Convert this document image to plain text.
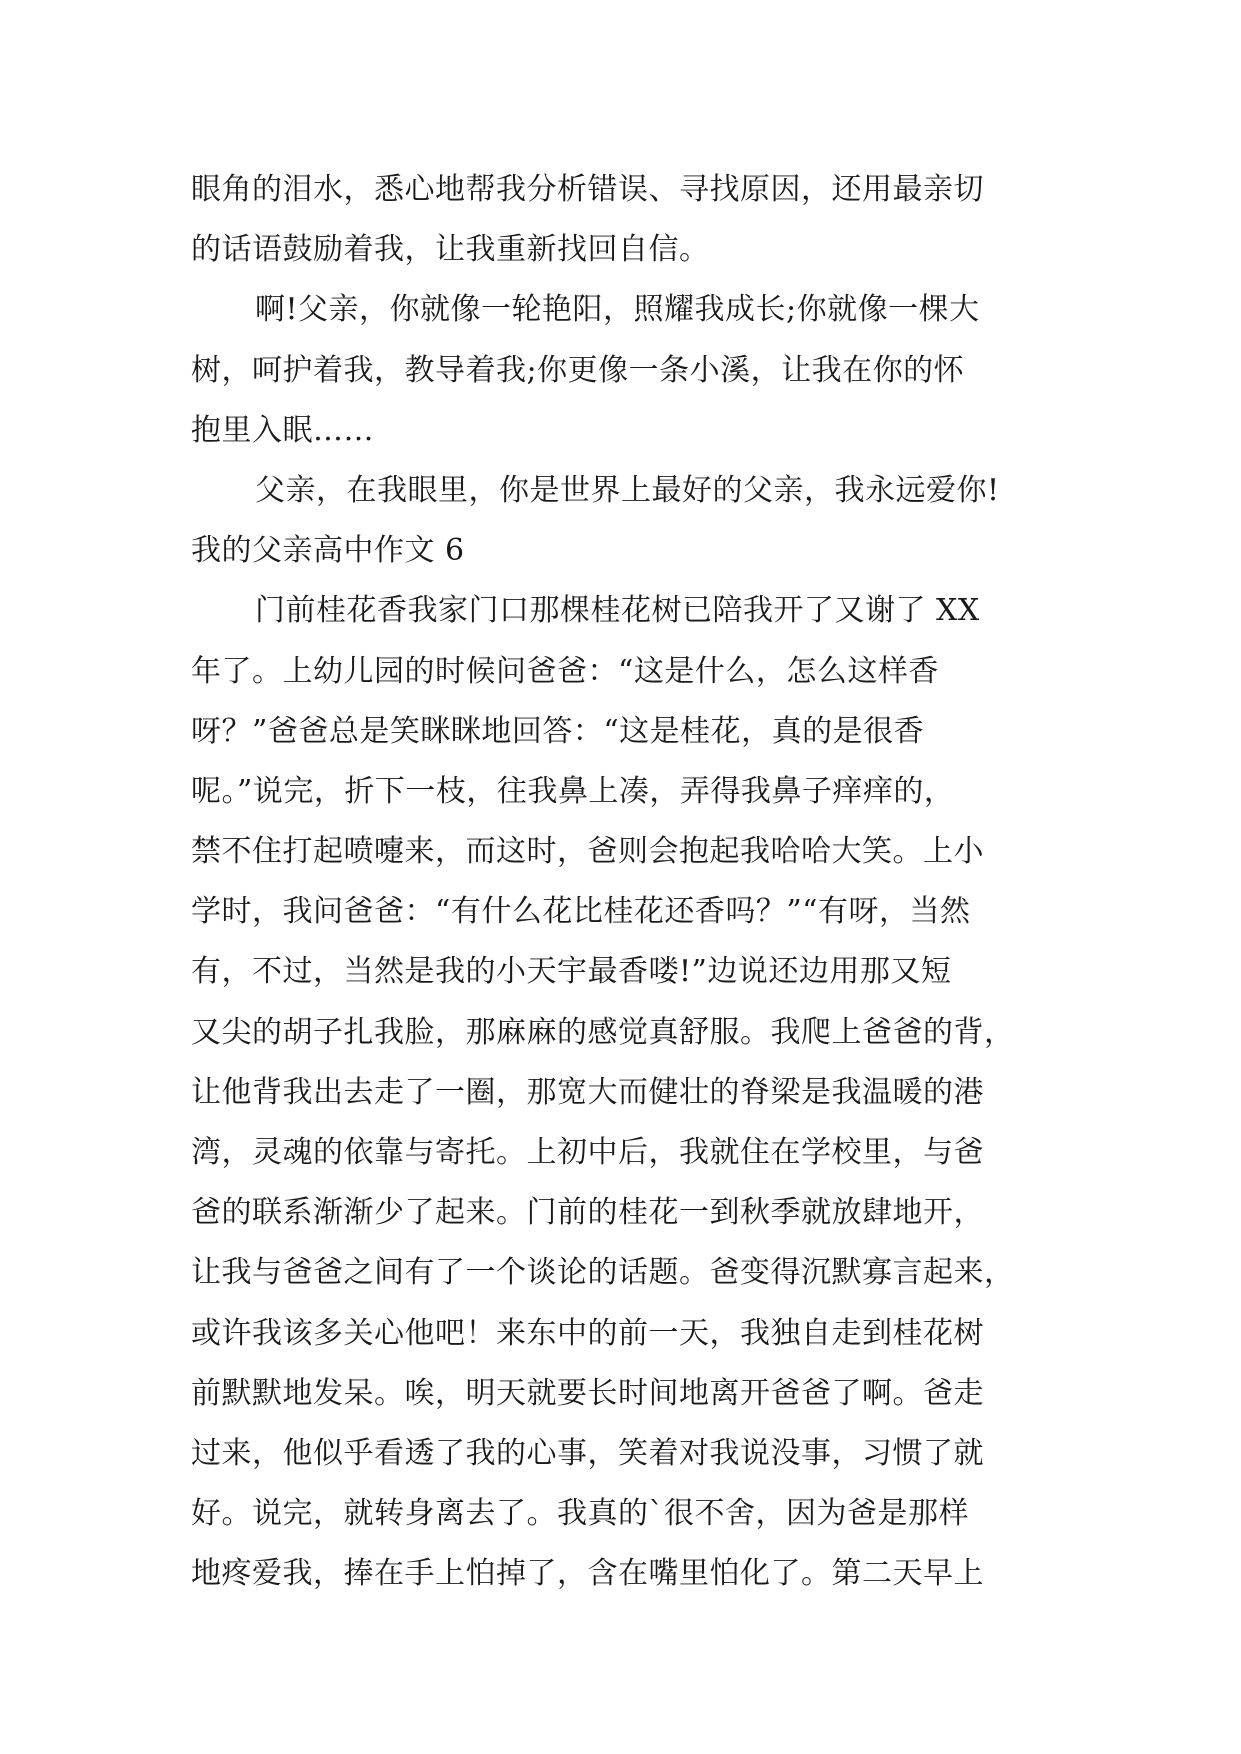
眼角的泪水，悉心地帮我分析错误、寻找原因，还用最亲切
的话语鼓励着我，让我重新找回自信。
啊!父亲，你就像一轮艳阳，照耀我成长;你就像一棵大
树，呵护着我，教导着我;你更像一条小溪，让我在你的怀
抱里入眠……
父亲，在我眼里，你是世界上最好的父亲，我永远爱你!
我的父亲高中作文 6
门前桂花香我家门口那棵桂花树已陪我开了又谢了 XX
年了。上幼儿园的时候问爸爸：“这是什么，怎么这样香
呀？”爸爸总是笑眯眯地回答：“这是桂花，真的是很香
呢。”说完，折下一枝，往我鼻上凑，弄得我鼻子痒痒的，
禁不住打起喷嚏来，而这时，爸则会抱起我哈哈大笑。上小
学时，我问爸爸：“有什么花比桂花还香吗？”“有呀，当然
有，不过，当然是我的小天宇最香喽!”边说还边用那又短
又尖的胡子扎我脸，那麻麻的感觉真舒服。我爬上爸爸的背，
让他背我出去走了一圈，那宽大而健壮的脊梁是我温暖的港
湾，灵魂的依靠与寄托。上初中后，我就住在学校里，与爸
爸的联系渐渐少了起来。门前的桂花一到秋季就放肆地开，
让我与爸爸之间有了一个谈论的话题。爸变得沉默寡言起来，
或许我该多关心他吧！来东中的前一天，我独自走到桂花树
前默默地发呆。唉，明天就要长时间地离开爸爸了啊。爸走
过来，他似乎看透了我的心事，笑着对我说没事，习惯了就
好。说完，就转身离去了。我真的`很不舍，因为爸是那样
地疼爱我，捧在手上怕掉了，含在嘴里怕化了。第二天早上
